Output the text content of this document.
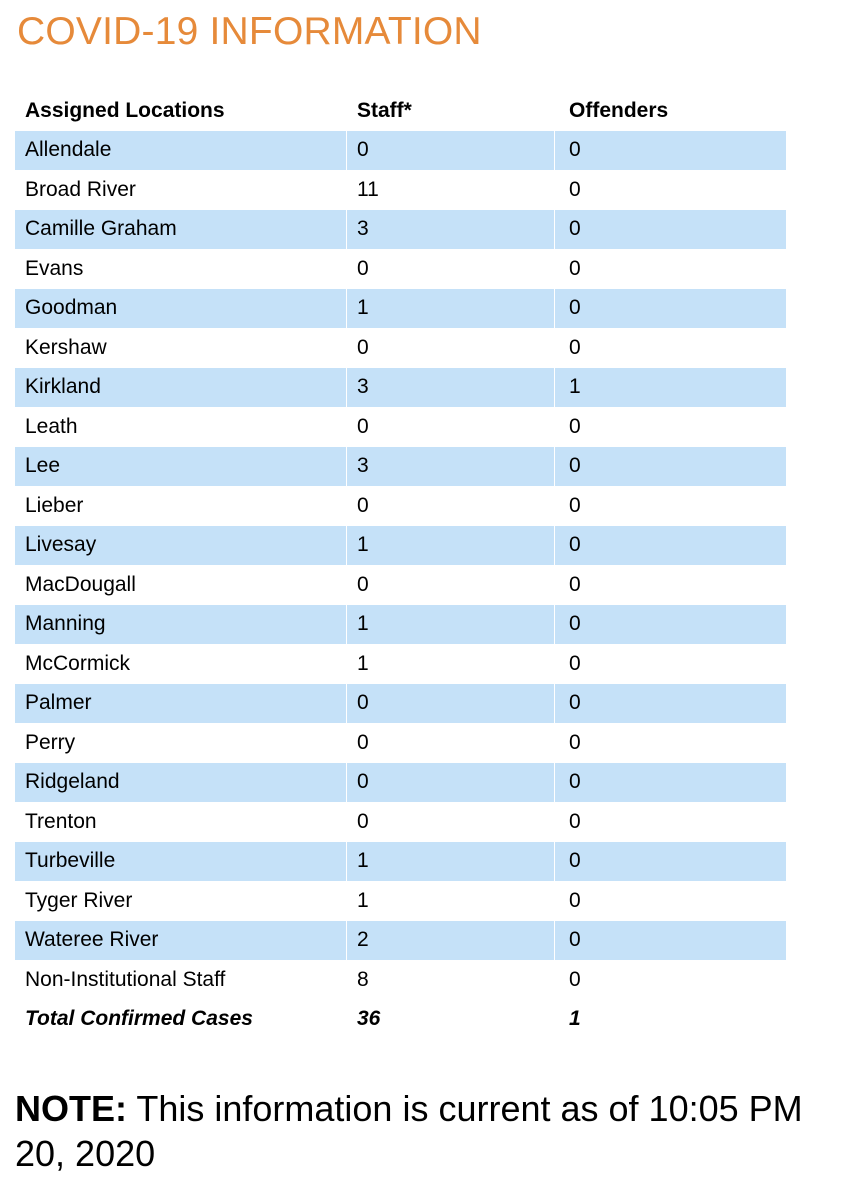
COVID-19 INFORMATION
Assigned Locations	Staff*	Offenders
Allendale	0	0
Broad River	11	0
Camille Graham	3	0
Evans	0	0
Goodman	1	0
Kershaw	0	0
Kirkland	3	1
Leath	0	0
Lee	3	0
Lieber	0	0
Livesay	1	0
MacDougall	0	0
Manning	1	0
McCormick	1	0
Palmer	0	0
Perry	0	0
Ridgeland	0	0
Trenton	0	0
Turbeville	1	0
Tyger River	1	0
Wateree River	2	0
Non-Institutional Staff	8	0
Total Confirmed Cases	36	1
NOTE: This information is current as of 10:05 PM
20, 2020
